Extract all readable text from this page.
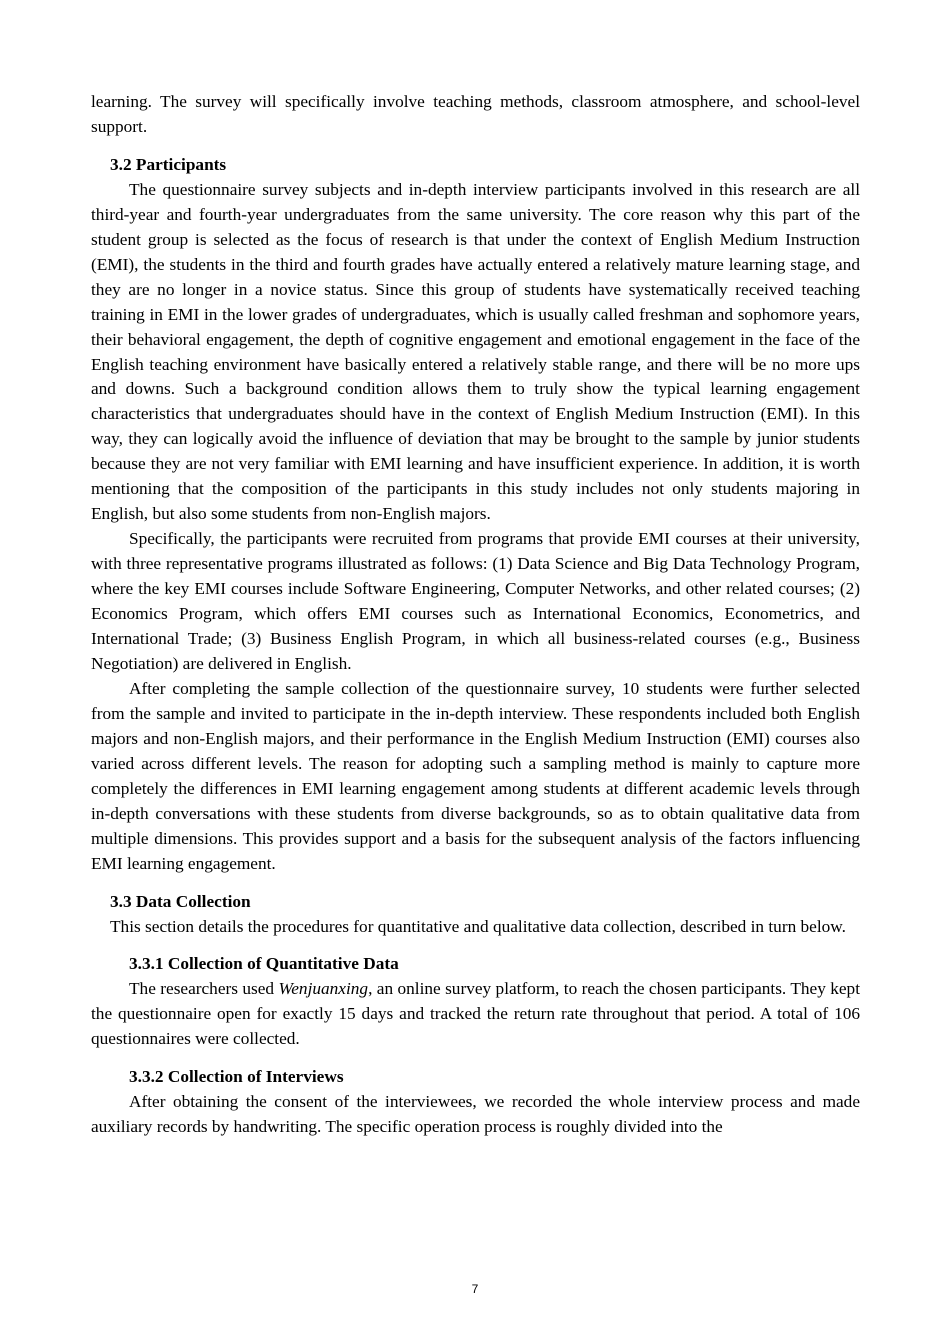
learning. The survey will specifically involve teaching methods, classroom atmosphere, and school-level support.

3.2 Participants

The questionnaire survey subjects and in-depth interview participants involved in this research are all third-year and fourth-year undergraduates from the same university. The core reason why this part of the student group is selected as the focus of research is that under the context of English Medium Instruction (EMI), the students in the third and fourth grades have actually entered a relatively mature learning stage, and they are no longer in a novice status. Since this group of students have systematically received teaching training in EMI in the lower grades of undergraduates, which is usually called freshman and sophomore years, their behavioral engagement, the depth of cognitive engagement and emotional engagement in the face of the English teaching environment have basically entered a relatively stable range, and there will be no more ups and downs. Such a background condition allows them to truly show the typical learning engagement characteristics that undergraduates should have in the context of English Medium Instruction (EMI). In this way, they can logically avoid the influence of deviation that may be brought to the sample by junior students because they are not very familiar with EMI learning and have insufficient experience. In addition, it is worth mentioning that the composition of the participants in this study includes not only students majoring in English, but also some students from non-English majors.

Specifically, the participants were recruited from programs that provide EMI courses at their university, with three representative programs illustrated as follows: (1) Data Science and Big Data Technology Program, where the key EMI courses include Software Engineering, Computer Networks, and other related courses; (2) Economics Program, which offers EMI courses such as International Economics, Econometrics, and International Trade; (3) Business English Program, in which all business-related courses (e.g., Business Negotiation) are delivered in English.

After completing the sample collection of the questionnaire survey, 10 students were further selected from the sample and invited to participate in the in-depth interview. These respondents included both English majors and non-English majors, and their performance in the English Medium Instruction (EMI) courses also varied across different levels. The reason for adopting such a sampling method is mainly to capture more completely the differences in EMI learning engagement among students at different academic levels through in-depth conversations with these students from diverse backgrounds, so as to obtain qualitative data from multiple dimensions. This provides support and a basis for the subsequent analysis of the factors influencing EMI learning engagement.

3.3 Data Collection

This section details the procedures for quantitative and qualitative data collection, described in turn below.

3.3.1 Collection of Quantitative Data

The researchers used Wenjuanxing, an online survey platform, to reach the chosen participants. They kept the questionnaire open for exactly 15 days and tracked the return rate throughout that period. A total of 106 questionnaires were collected.

3.3.2 Collection of Interviews

After obtaining the consent of the interviewees, we recorded the whole interview process and made auxiliary records by handwriting. The specific operation process is roughly divided into the

7
